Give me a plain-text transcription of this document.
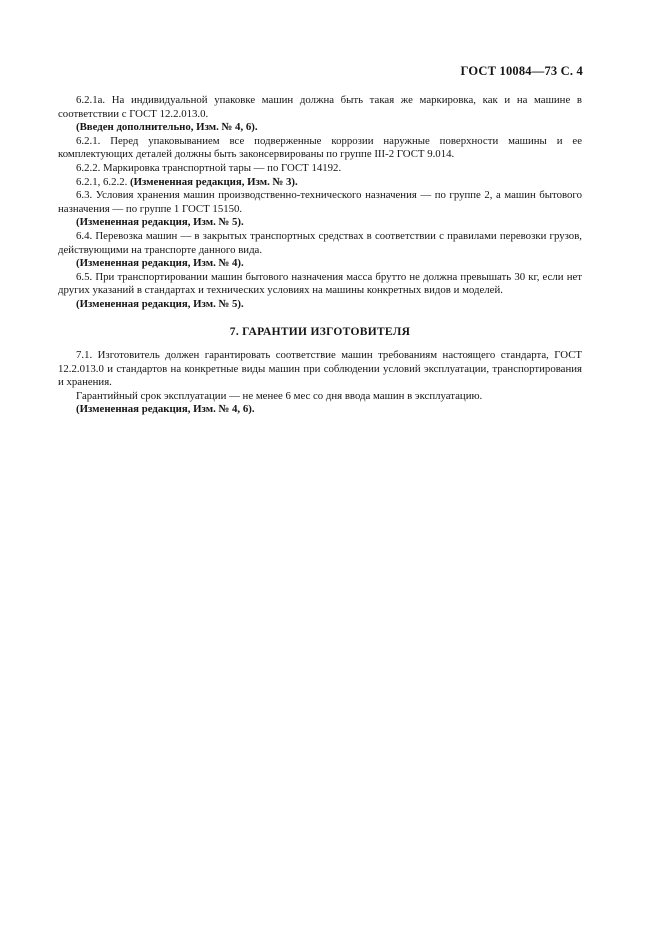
ГОСТ 10084—73 С. 4

6.2.1а. На индивидуальной упаковке машин должна быть такая же маркировка, как и на машине в соответствии с ГОСТ 12.2.013.0.

(Введен дополнительно, Изм. № 4, 6).

6.2.1. Перед упаковыванием все подверженные коррозии наружные поверхности машины и ее комплектующих деталей должны быть законсервированы по группе III-2 ГОСТ 9.014.

6.2.2. Маркировка транспортной тары — по ГОСТ 14192.

6.2.1, 6.2.2. (Измененная редакция, Изм. № 3).

6.3. Условия хранения машин производственно-технического назначения — по группе 2, а машин бытового назначения — по группе 1 ГОСТ 15150.

(Измененная редакция, Изм. № 5).

6.4. Перевозка машин — в закрытых транспортных средствах в соответствии с правилами перевозки грузов, действующими на транспорте данного вида.

(Измененная редакция, Изм. № 4).

6.5. При транспортировании машин бытового назначения масса брутто не должна превышать 30 кг, если нет других указаний в стандартах и технических условиях на машины конкретных видов и моделей.

(Измененная редакция, Изм. № 5).

7. ГАРАНТИИ ИЗГОТОВИТЕЛЯ

7.1. Изготовитель должен гарантировать соответствие машин требованиям настоящего стандарта, ГОСТ 12.2.013.0 и стандартов на конкретные виды машин при соблюдении условий эксплуатации, транспортирования и хранения.

Гарантийный срок эксплуатации — не менее 6 мес со дня ввода машин в эксплуатацию.

(Измененная редакция, Изм. № 4, 6).
